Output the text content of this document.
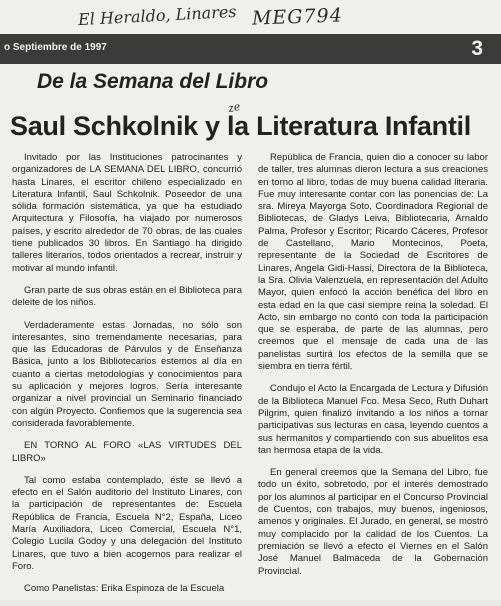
El Heraldo, Linares MEG794
o Septiembre de 1997	3
De la Semana del Libro
ze
Saul Schkolnik y la Literatura Infantil

Invitado por las Instituciones patrocinantes y organizadores de LA SEMANA DEL LIBRO, concurrió hasta Linares, el escritor chileno especializado en Literatura Infantil, Saul Schkolnik. Poseedor de una sólida formación sistemática, ya que ha estudiado Arquitectura y Filosofía, ha viajado por numerosos países, y escrito alrededor de 70 obras, de las cuales tiene publicados 30 libros. En Santiago ha dirigido talleres literarios, todos orientados a recrear, instruir y motivar al mundo infantil.

Gran parte de sus obras están en el Biblioteca para deleite de los niños.

Verdaderamente estas Jornadas, no sólo son interesantes, sino tremendamente necesarias, para que las Educadoras de Párvulos y de Enseñanza Básica, junto a los Bibliotecarios estemos al día en cuanto a ciertas metodologías y conocimientos para su aplicación y mejores logros. Sería interesante organizar a nivel provincial un Seminario financiado con algún Proyecto. Confiemos que la sugerencia sea considerada favorablemente.

EN TORNO AL FORO «LAS VIRTUDES DEL LIBRO»

Tal como estaba contemplado, éste se llevó a efecto en el Salón auditorio del Instituto Linares, con la participación de representantes de: Escuela República de Francia, Escuela N°2, España, Liceo María Auxiliadora, Liceo Comercial, Escuela N°1, Colegio Lucila Godoy y una delegación del Instituto Linares, que tuvo a bien acogernos para realizar el Foro.

Como Panelistas: Erika Espinoza de la Escuela

República de Francia, quien dio a conocer su labor de taller, tres alumnas dieron lectura a sus creaciones en torno al libro, todas de muy buena calidad literaria. Fue muy interesante contar con las ponencias de: La sra. Mireya Mayorga Soto, Coordinadora Regional de Bibliotecas, de Gladys Leiva, Bibliotecaria, Arnaldo Palma, Profesor y Escritor; Ricardo Cáceres, Profesor de Castellano, Mario Montecinos, Poeta, representante de la Sociedad de Escritores de Linares, Angela Gidi-Hassi, Directora de la Biblioteca, la Sra. Olivia Valenzuela, en representación del Adulto Mayor, quien enfocó la acción benéfica del libro en esta edad en la que casi siempre reina la soledad. El Acto, sin embargo no contó con toda la participación que se esperaba, de parte de las alumnas, pero creemos que el mensaje de cada una de las panelistas surtirá los efectos de la semilla que se siembra en tierra fértil.

Condujo el Acto la Encargada de Lectura y Difusión de la Biblioteca Manuel Fco. Mesa Seco, Ruth Duhart Pilgrim, quien finalizó invitando a los niños a tornar participativas sus lecturas en casa, leyendo cuentos a sus hermanitos y compartiendo con sus abuelitos esa tan hermosa etapa de la vida.

En general creemos que la Semana del Libro, fue todo un éxito, sobretodo, por el interés demostrado por los alumnos al participar en el Concurso Provincial de Cuentos, con trabajos, muy buenos, ingeniosos, amenos y originales. El Jurado, en general, se mostró muy complacido por la calidad de los Cuentos. La premiación se llevó a efecto el Viernes en el Salón José Manuel Balmaceda de la Gobernación Provincial.
